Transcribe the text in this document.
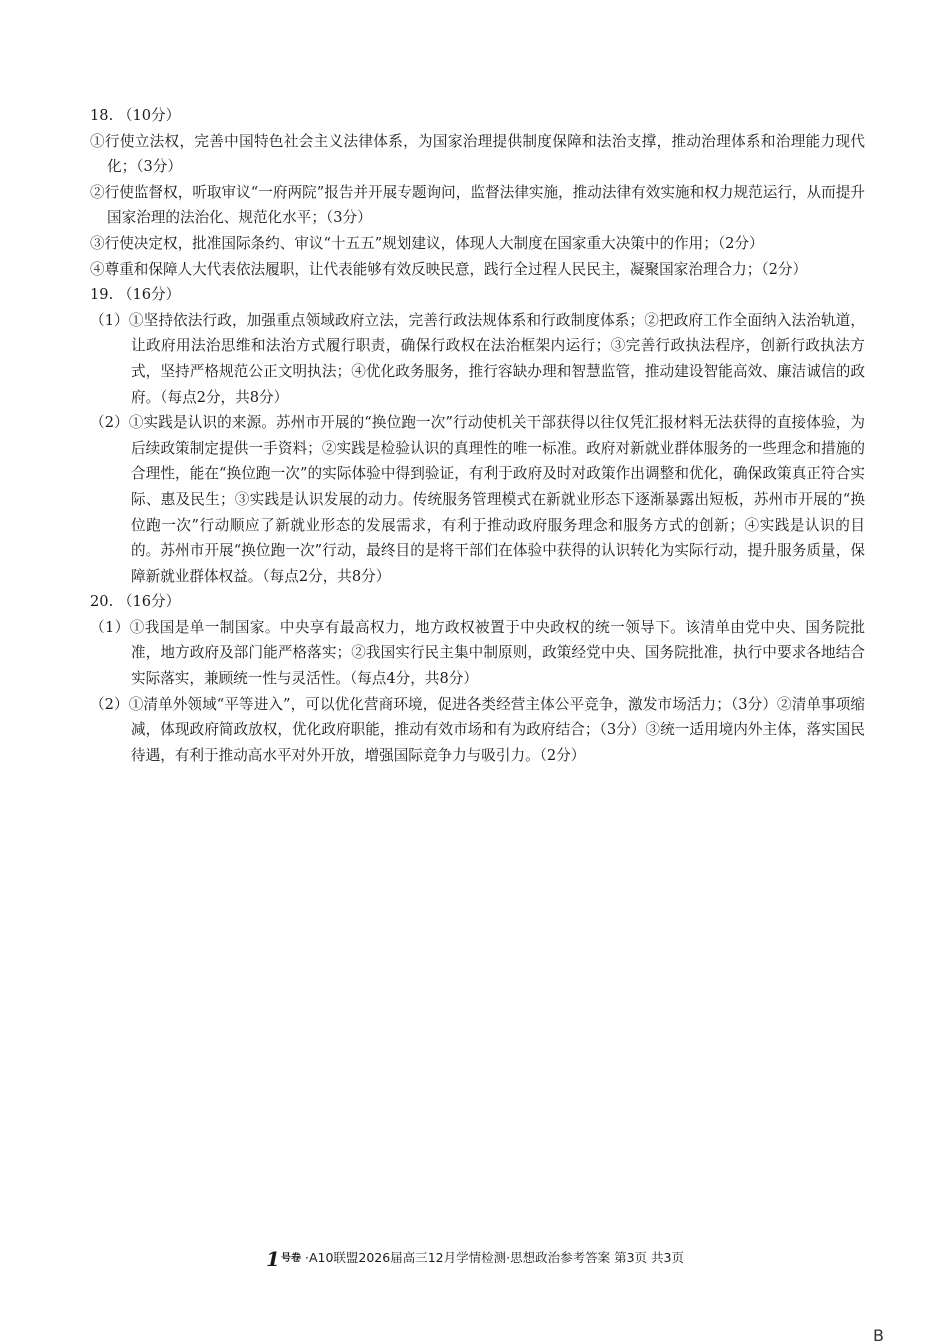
18. （10分）

①行使立法权，完善中国特色社会主义法律体系，为国家治理提供制度保障和法治支撑，推动治理体系和治理能力现代化；（3分）

②行使监督权，听取审议“一府两院”报告并开展专题询问，监督法律实施，推动法律有效实施和权力规范运行，从而提升国家治理的法治化、规范化水平；（3分）

③行使决定权，批准国际条约、审议“十五五”规划建议，体现人大制度在国家重大决策中的作用；（2分）

④尊重和保障人大代表依法履职，让代表能够有效反映民意，践行全过程人民民主，凝聚国家治理合力；（2分）

19. （16分）

（1）①坚持依法行政，加强重点领域政府立法，完善行政法规体系和行政制度体系；②把政府工作全面纳入法治轨道，让政府用法治思维和法治方式履行职责，确保行政权在法治框架内运行；③完善行政执法程序，创新行政执法方式，坚持严格规范公正文明执法；④优化政务服务，推行容缺办理和智慧监管，推动建设智能高效、廉洁诚信的政府。（每点2分，共8分）

（2）①实践是认识的来源。苏州市开展的“换位跑一次”行动使机关干部获得以往仅凭汇报材料无法获得的直接体验，为后续政策制定提供一手资料；②实践是检验认识的真理性的唯一标准。政府对新就业群体服务的一些理念和措施的合理性，能在“换位跑一次”的实际体验中得到验证，有利于政府及时对政策作出调整和优化，确保政策真正符合实际、惠及民生；③实践是认识发展的动力。传统服务管理模式在新就业形态下逐渐暴露出短板，苏州市开展的“换位跑一次”行动顺应了新就业形态的发展需求，有利于推动政府服务理念和服务方式的创新；④实践是认识的目的。苏州市开展“换位跑一次”行动，最终目的是将干部们在体验中获得的认识转化为实际行动，提升服务质量，保障新就业群体权益。（每点2分，共8分）

20. （16分）

（1）①我国是单一制国家。中央享有最高权力，地方政权被置于中央政权的统一领导下。该清单由党中央、国务院批准，地方政府及部门能严格落实；②我国实行民主集中制原则，政策经党中央、国务院批准，执行中要求各地结合实际落实，兼顾统一性与灵活性。（每点4分，共8分）

（2）①清单外领域“平等进入”，可以优化营商环境，促进各类经营主体公平竞争，激发市场活力；（3分）②清单事项缩减，体现政府简政放权，优化政府职能，推动有效市场和有为政府结合；（3分）③统一适用境内外主体，落实国民待遇，有利于推动高水平对外开放，增强国际竞争力与吸引力。（2分）

1号卷 ·A10联盟2026届高三12月学情检测·思想政治参考答案 第3页 共3页
B
